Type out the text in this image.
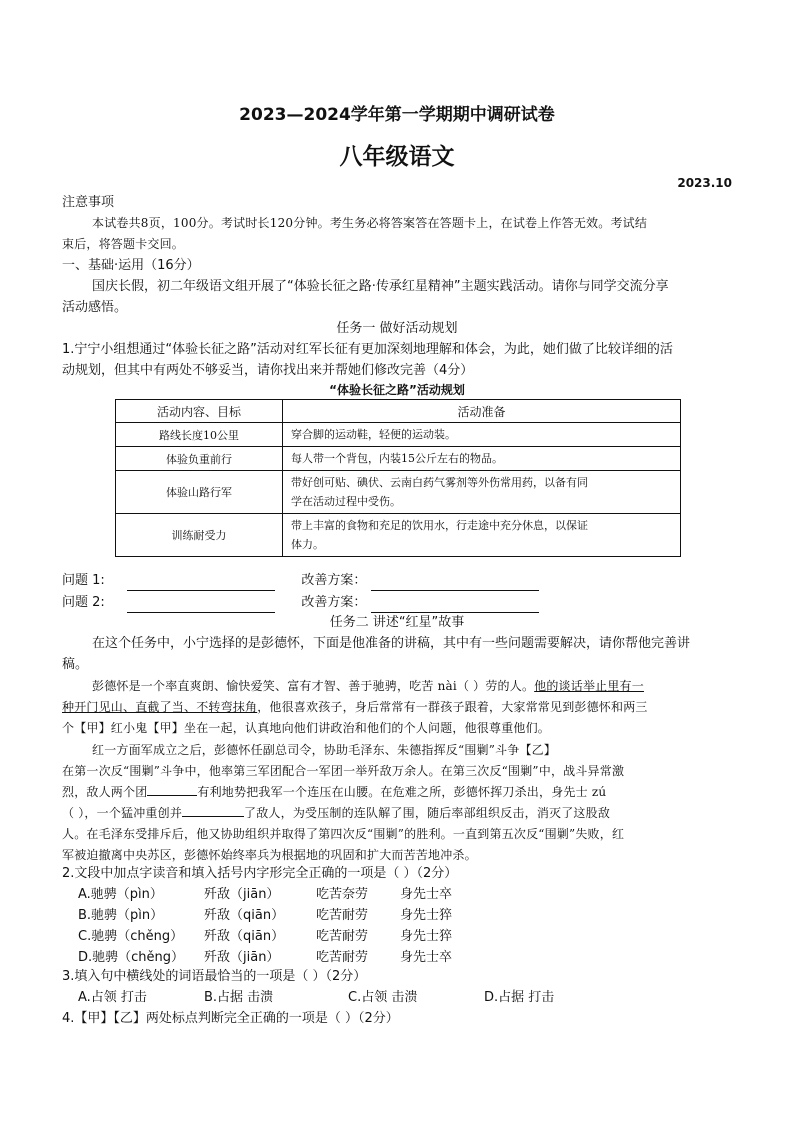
2023—2024学年第一学期期中调研试卷
八年级语文
2023.10
注意事项
本试卷共8页，100分。考试时长120分钟。考生务必将答案答在答题卡上，在试卷上作答无效。考试结
束后，将答题卡交回。
一、基础·运用（16分）
国庆长假，初二年级语文组开展了“体验长征之路·传承红星精神”主题实践活动。请你与同学交流分享
活动感悟。
任务一 做好活动规划
1.宁宁小组想通过“体验长征之路”活动对红军长征有更加深刻地理解和体会，为此，她们做了比较详细的活
动规划，但其中有两处不够妥当，请你找出来并帮她们修改完善（4分）
“体验长征之路”活动规划
活动内容、目标	活动准备
路线长度10公里	穿合脚的运动鞋，轻便的运动装。
体验负重前行	每人带一个背包，内装15公斤左右的物品。
体验山路行军	带好创可贴、碘伏、云南白药气雾剂等外伤常用药，以备有同
学在活动过程中受伤。
训练耐受力	带上丰富的食物和充足的饮用水，行走途中充分休息，以保证
体力。
问题 1:	改善方案：
问题 2:	改善方案：
任务二 讲述“红星”故事
在这个任务中，小宁选择的是彭德怀，下面是他准备的讲稿，其中有一些问题需要解决，请你帮他完善讲
稿。
彭德怀是一个率直爽朗、愉快爱笑、富有才智、善于驰骋，吃苦 nài（ ）劳的人。他的谈话举止里有一
种开门见山、直截了当、不转弯抹角，他很喜欢孩子，身后常常有一群孩子跟着，大家常常见到彭德怀和两三
个【甲】红小鬼【甲】坐在一起，认真地向他们讲政治和他们的个人问题，他很尊重他们。
红一方面军成立之后，彭德怀任副总司令，协助毛泽东、朱德指挥反“围剿”斗争【乙】
在第一次反“围剿”斗争中，他率第三军团配合一军团一举歼敌万余人。在第三次反“围剿”中，战斗异常激
烈，敌人两个团	有利地势把我军一个连压在山腰。在危难之所，彭德怀挥刀杀出，身先士 zú
（ ），一个猛冲重创并	了敌人，为受压制的连队解了围，随后率部组织反击，消灭了这股敌
人。在毛泽东受排斥后，他又协助组织并取得了第四次反“围剿”的胜利。一直到第五次反“围剿”失败，红
军被迫撤离中央苏区，彭德怀始终率兵为根据地的巩固和扩大而苦苦地冲杀。
2.文段中加点字读音和填入括号内字形完全正确的一项是（ ）（2分）
A.驰骋（pìn）	歼敌（jiān）	吃苦奈劳 身先士卒
B.驰骋（pìn）	歼敌（qiān） 吃苦耐劳 身先士猝
C.驰骋（chěng） 歼敌（qiān） 吃苦耐劳 身先士猝
D.驰骋（chěng） 歼敌（jiān）	吃苦耐劳 身先士卒
3.填入句中横线处的词语最恰当的一项是（ ）（2分）
A.占领 打击	B.占据 击溃	C.占领 击溃	D.占据 打击
4.【甲】【乙】两处标点判断完全正确的一项是（ ）（2分）
